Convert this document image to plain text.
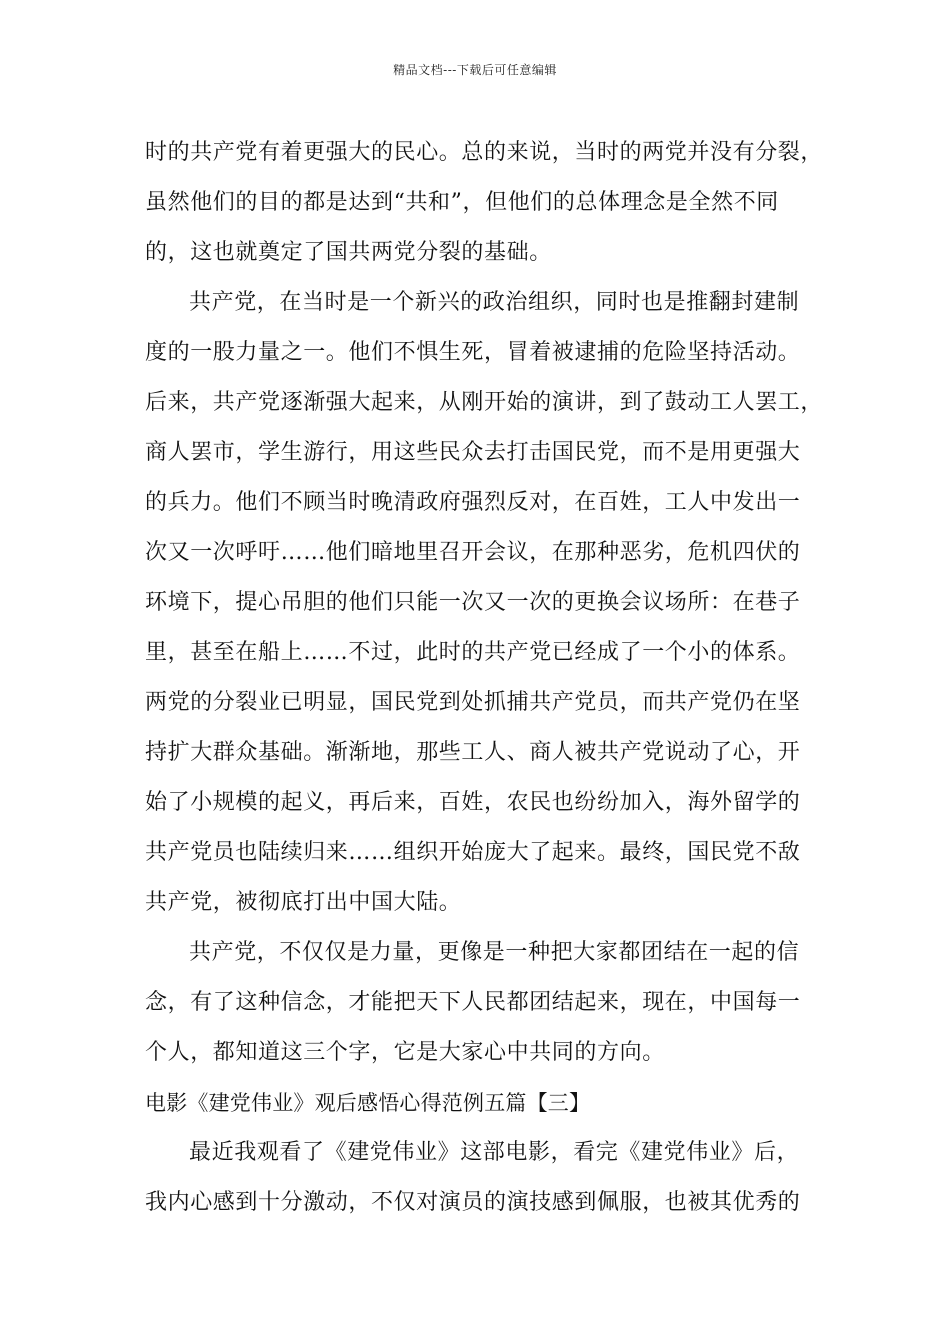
精品文档---下载后可任意编辑
时的共产党有着更强大的民心。总的来说，当时的两党并没有分裂，
虽然他们的目的都是达到“共和”，但他们的总体理念是全然不同
的，这也就奠定了国共两党分裂的基础。
共产党，在当时是一个新兴的政治组织，同时也是推翻封建制
度的一股力量之一。他们不惧生死，冒着被逮捕的危险坚持活动。
后来，共产党逐渐强大起来，从刚开始的演讲，到了鼓动工人罢工，
商人罢市，学生游行，用这些民众去打击国民党，而不是用更强大
的兵力。他们不顾当时晚清政府强烈反对，在百姓，工人中发出一
次又一次呼吁……他们暗地里召开会议，在那种恶劣，危机四伏的
环境下，提心吊胆的他们只能一次又一次的更换会议场所：在巷子
里，甚至在船上……不过，此时的共产党已经成了一个小的体系。
两党的分裂业已明显，国民党到处抓捕共产党员，而共产党仍在坚
持扩大群众基础。渐渐地，那些工人、商人被共产党说动了心，开
始了小规模的起义，再后来，百姓，农民也纷纷加入，海外留学的
共产党员也陆续归来……组织开始庞大了起来。最终，国民党不敌
共产党，被彻底打出中国大陆。
共产党，不仅仅是力量，更像是一种把大家都团结在一起的信
念，有了这种信念，才能把天下人民都团结起来，现在，中国每一
个人，都知道这三个字，它是大家心中共同的方向。
电影《建党伟业》观后感悟心得范例五篇【三】
最近我观看了《建党伟业》这部电影，看完《建党伟业》后，
我内心感到十分激动，不仅对演员的演技感到佩服，也被其优秀的
